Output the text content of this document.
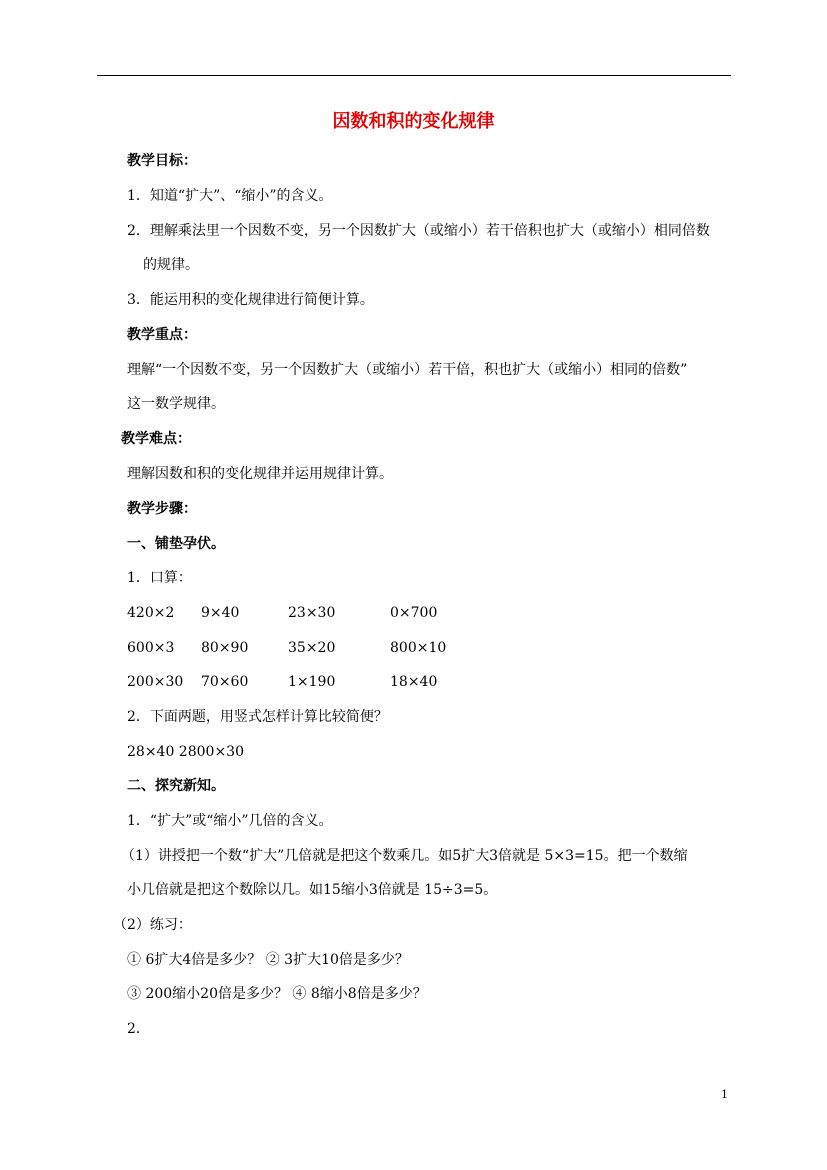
因数和积的变化规律
教学目标：
1．知道“扩大”、“缩小”的含义。
2．理解乘法里一个因数不变，另一个因数扩大（或缩小）若干倍积也扩大（或缩小）相同倍数
的规律。
3．能运用积的变化规律进行简便计算。
教学重点：
理解“一个因数不变，另一个因数扩大（或缩小）若干倍，积也扩大（或缩小）相同的倍数”
这一数学规律。
教学难点：
理解因数和积的变化规律并运用规律计算。
教学步骤：
一、铺垫孕伏。
1．口算：
420×2 9×40	23×30	0×700
600×3 80×90	35×20	800×10
200×30 70×60	1×190	18×40
2．下面两题，用竖式怎样计算比较简便？
28×40 2800×30
二、探究新知。
1．“扩大”或“缩小”几倍的含义。
（1）讲授把一个数“扩大”几倍就是把这个数乘几。如5扩大3倍就是 5×3=15。把一个数缩
小几倍就是把这个数除以几。如15缩小3倍就是 15÷3=5。
（2）练习：
① 6扩大4倍是多少？ ② 3扩大10倍是多少？
③ 200缩小20倍是多少？ ④ 8缩小8倍是多少？
2．
1
